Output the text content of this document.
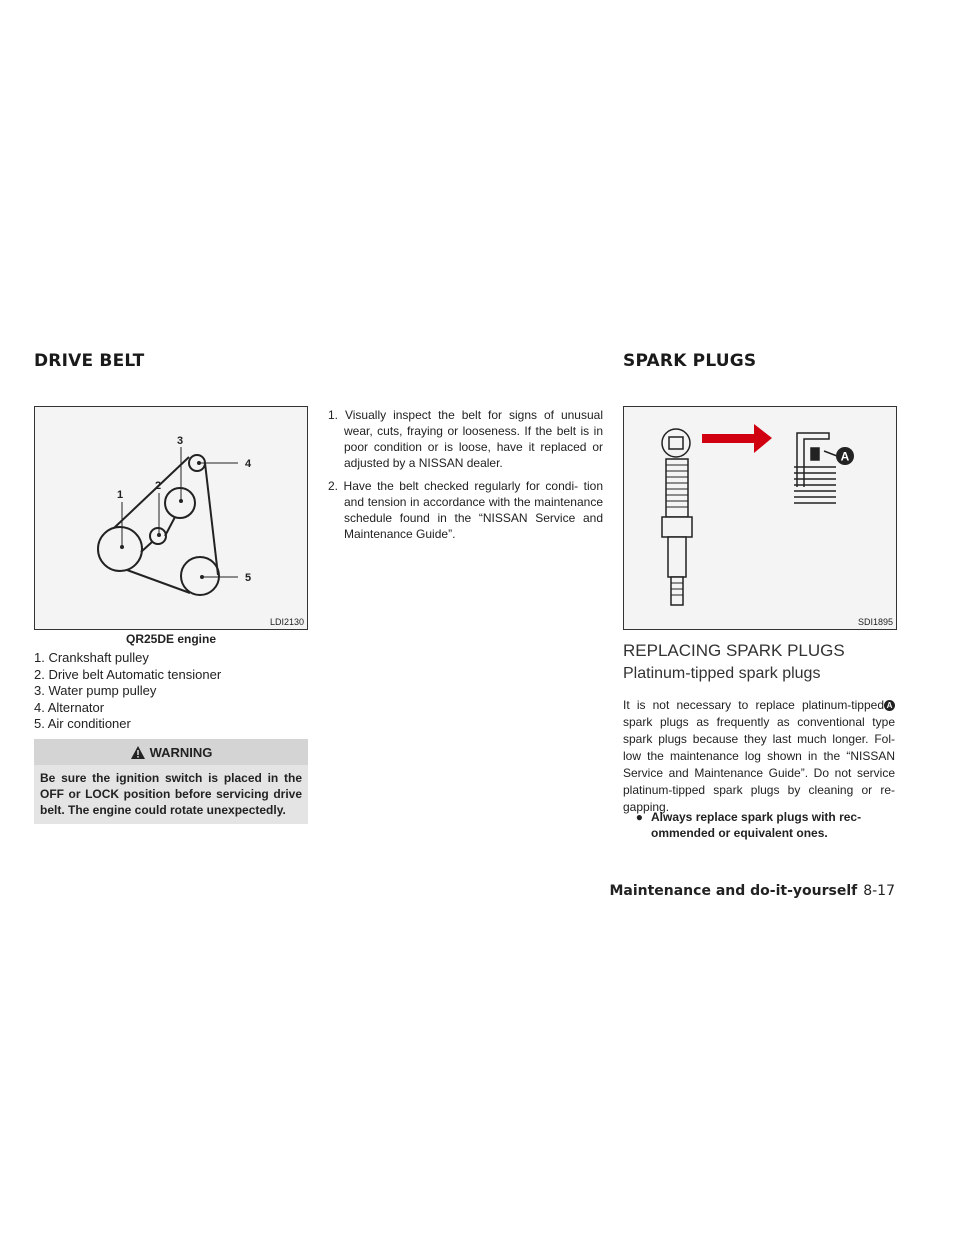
DRIVE BELT	SPARK PLUGS
1
2
3
4
5
LDI2130
QR25DE engine
1. Crankshaft pulley
2. Drive belt Automatic tensioner
3. Water pump pulley
4. Alternator
5. Air conditioner
WARNING
Be sure the ignition switch is placed in the OFF or LOCK position before servicing drive belt. The engine could rotate unexpectedly.
1. Visually inspect the belt for signs of unusual wear, cuts, fraying or looseness. If the belt is in poor condition or is loose, have it replaced or adjusted by a NISSAN dealer.
2. Have the belt checked regularly for condi- tion and tension in accordance with the maintenance schedule found in the “NISSAN Service and Maintenance Guide”.
A
SDI1895
REPLACING SPARK PLUGS
Platinum-tipped spark plugs
It is not necessary to replace platinum-tipped A spark plugs as frequently as conventional type spark plugs because they last much longer. Fol- low the maintenance log shown in the “NISSAN Service and Maintenance Guide”. Do not service platinum-tipped spark plugs by cleaning or re- gapping.
● Always replace spark plugs with rec- ommended or equivalent ones.
Maintenance and do-it-yourself 8-17
